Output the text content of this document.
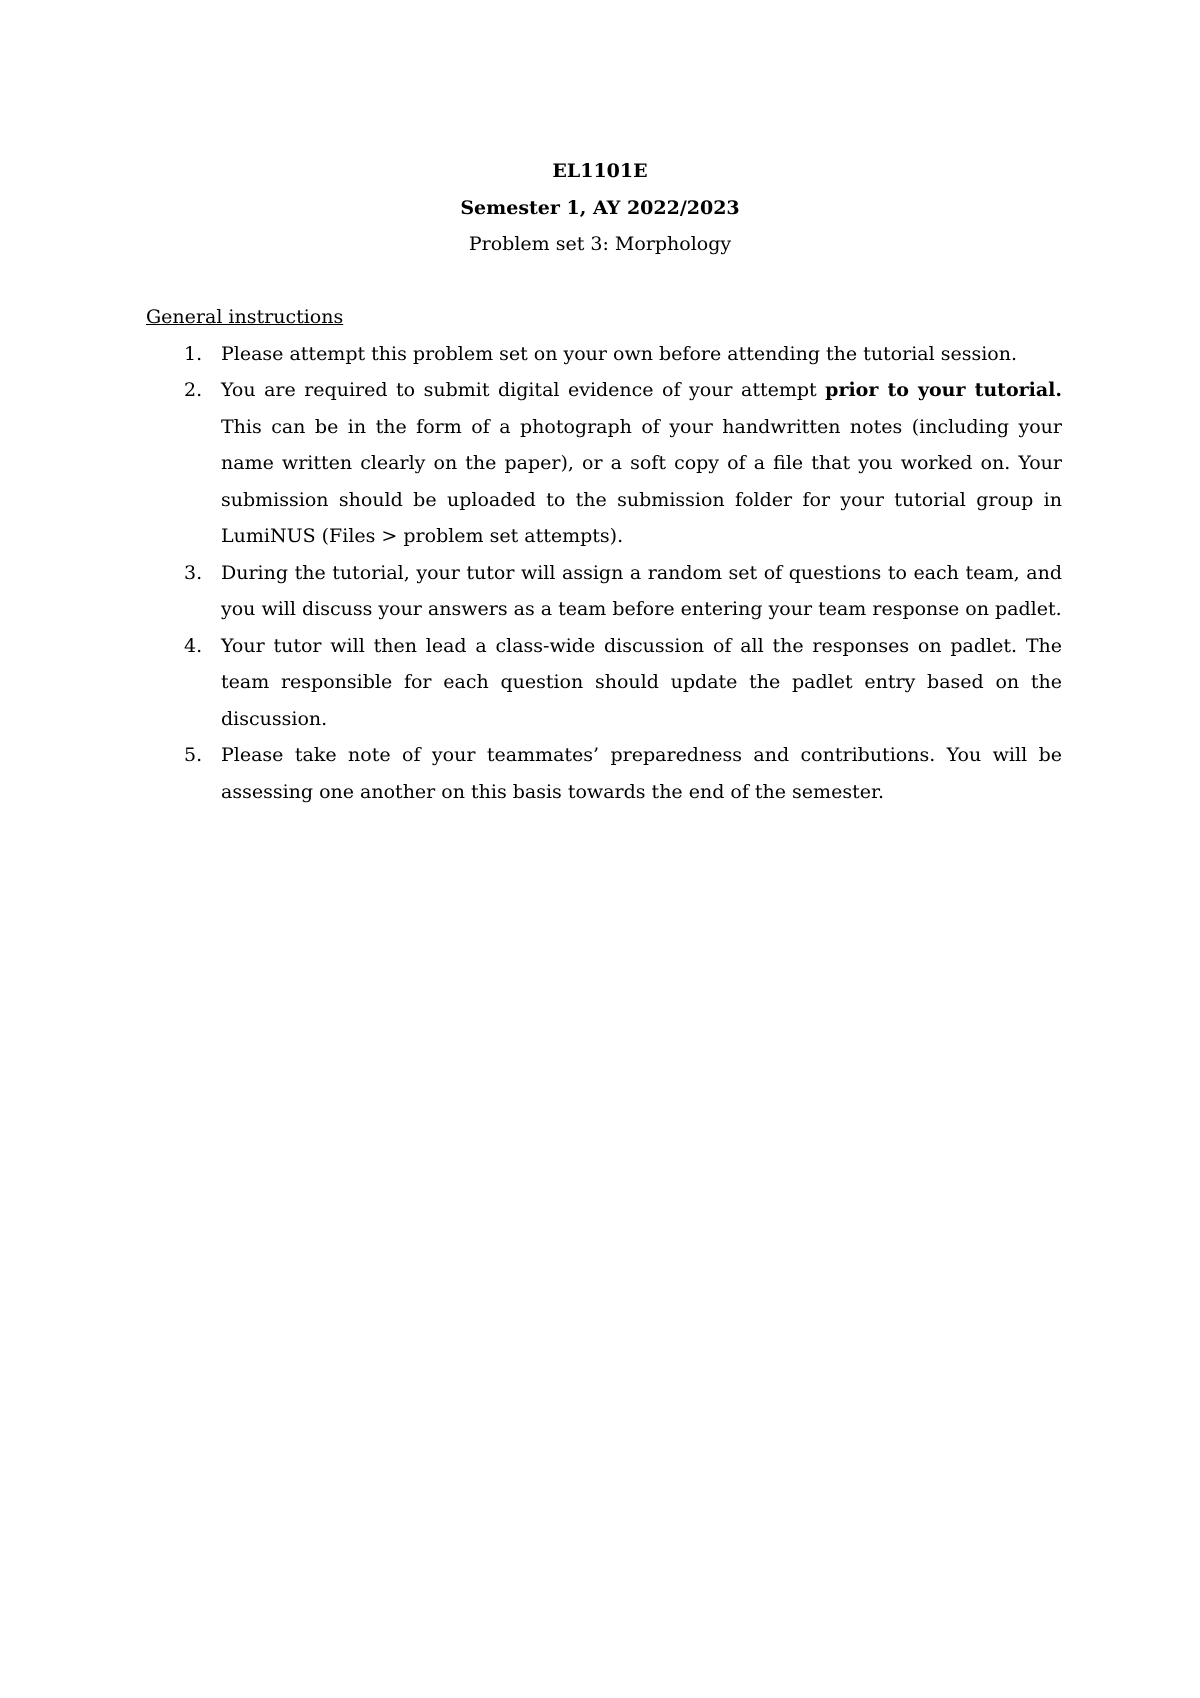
EL1101E
Semester 1, AY 2022/2023
Problem set 3: Morphology

General instructions

1. Please attempt this problem set on your own before attending the tutorial session.
2. You are required to submit digital evidence of your attempt prior to your tutorial. This can be in the form of a photograph of your handwritten notes (including your name written clearly on the paper), or a soft copy of a file that you worked on. Your submission should be uploaded to the submission folder for your tutorial group in LumiNUS (Files > problem set attempts).
3. During the tutorial, your tutor will assign a random set of questions to each team, and you will discuss your answers as a team before entering your team response on padlet.
4. Your tutor will then lead a class-wide discussion of all the responses on padlet. The team responsible for each question should update the padlet entry based on the discussion.
5. Please take note of your teammates’ preparedness and contributions. You will be assessing one another on this basis towards the end of the semester.
